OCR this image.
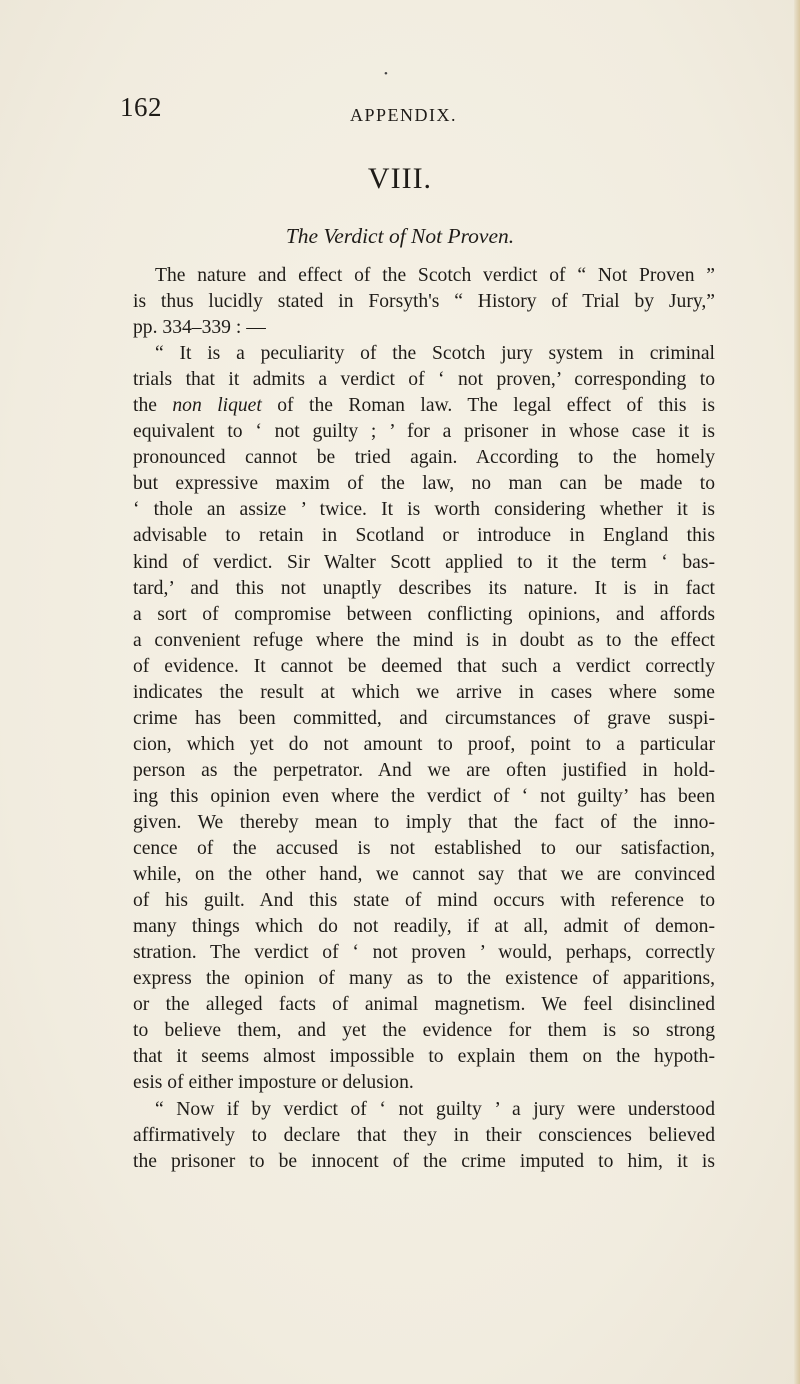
•
162	APPENDIX.
VIII.
The Verdict of Not Proven.
The nature and effect of the Scotch verdict of “ Not Proven ”
is thus lucidly stated in Forsyth's “ History of Trial by Jury,”
pp. 334–339 : —
“ It is a peculiarity of the Scotch jury system in criminal
trials that it admits a verdict of ‘ not proven,’ corresponding to
the non liquet of the Roman law. The legal effect of this is
equivalent to ‘ not guilty ; ’ for a prisoner in whose case it is
pronounced cannot be tried again. According to the homely
but expressive maxim of the law, no man can be made to
‘ thole an assize ’ twice. It is worth considering whether it is
advisable to retain in Scotland or introduce in England this
kind of verdict. Sir Walter Scott applied to it the term ‘ bas-
tard,’ and this not unaptly describes its nature. It is in fact
a sort of compromise between conflicting opinions, and affords
a convenient refuge where the mind is in doubt as to the effect
of evidence. It cannot be deemed that such a verdict correctly
indicates the result at which we arrive in cases where some
crime has been committed, and circumstances of grave suspi-
cion, which yet do not amount to proof, point to a particular
person as the perpetrator. And we are often justified in hold-
ing this opinion even where the verdict of ‘ not guilty’ has been
given. We thereby mean to imply that the fact of the inno-
cence of the accused is not established to our satisfaction,
while, on the other hand, we cannot say that we are convinced
of his guilt. And this state of mind occurs with reference to
many things which do not readily, if at all, admit of demon-
stration. The verdict of ‘ not proven ’ would, perhaps, correctly
express the opinion of many as to the existence of apparitions,
or the alleged facts of animal magnetism. We feel disinclined
to believe them, and yet the evidence for them is so strong
that it seems almost impossible to explain them on the hypoth-
esis of either imposture or delusion.
“ Now if by verdict of ‘ not guilty ’ a jury were understood
affirmatively to declare that they in their consciences believed
the prisoner to be innocent of the crime imputed to him, it is
